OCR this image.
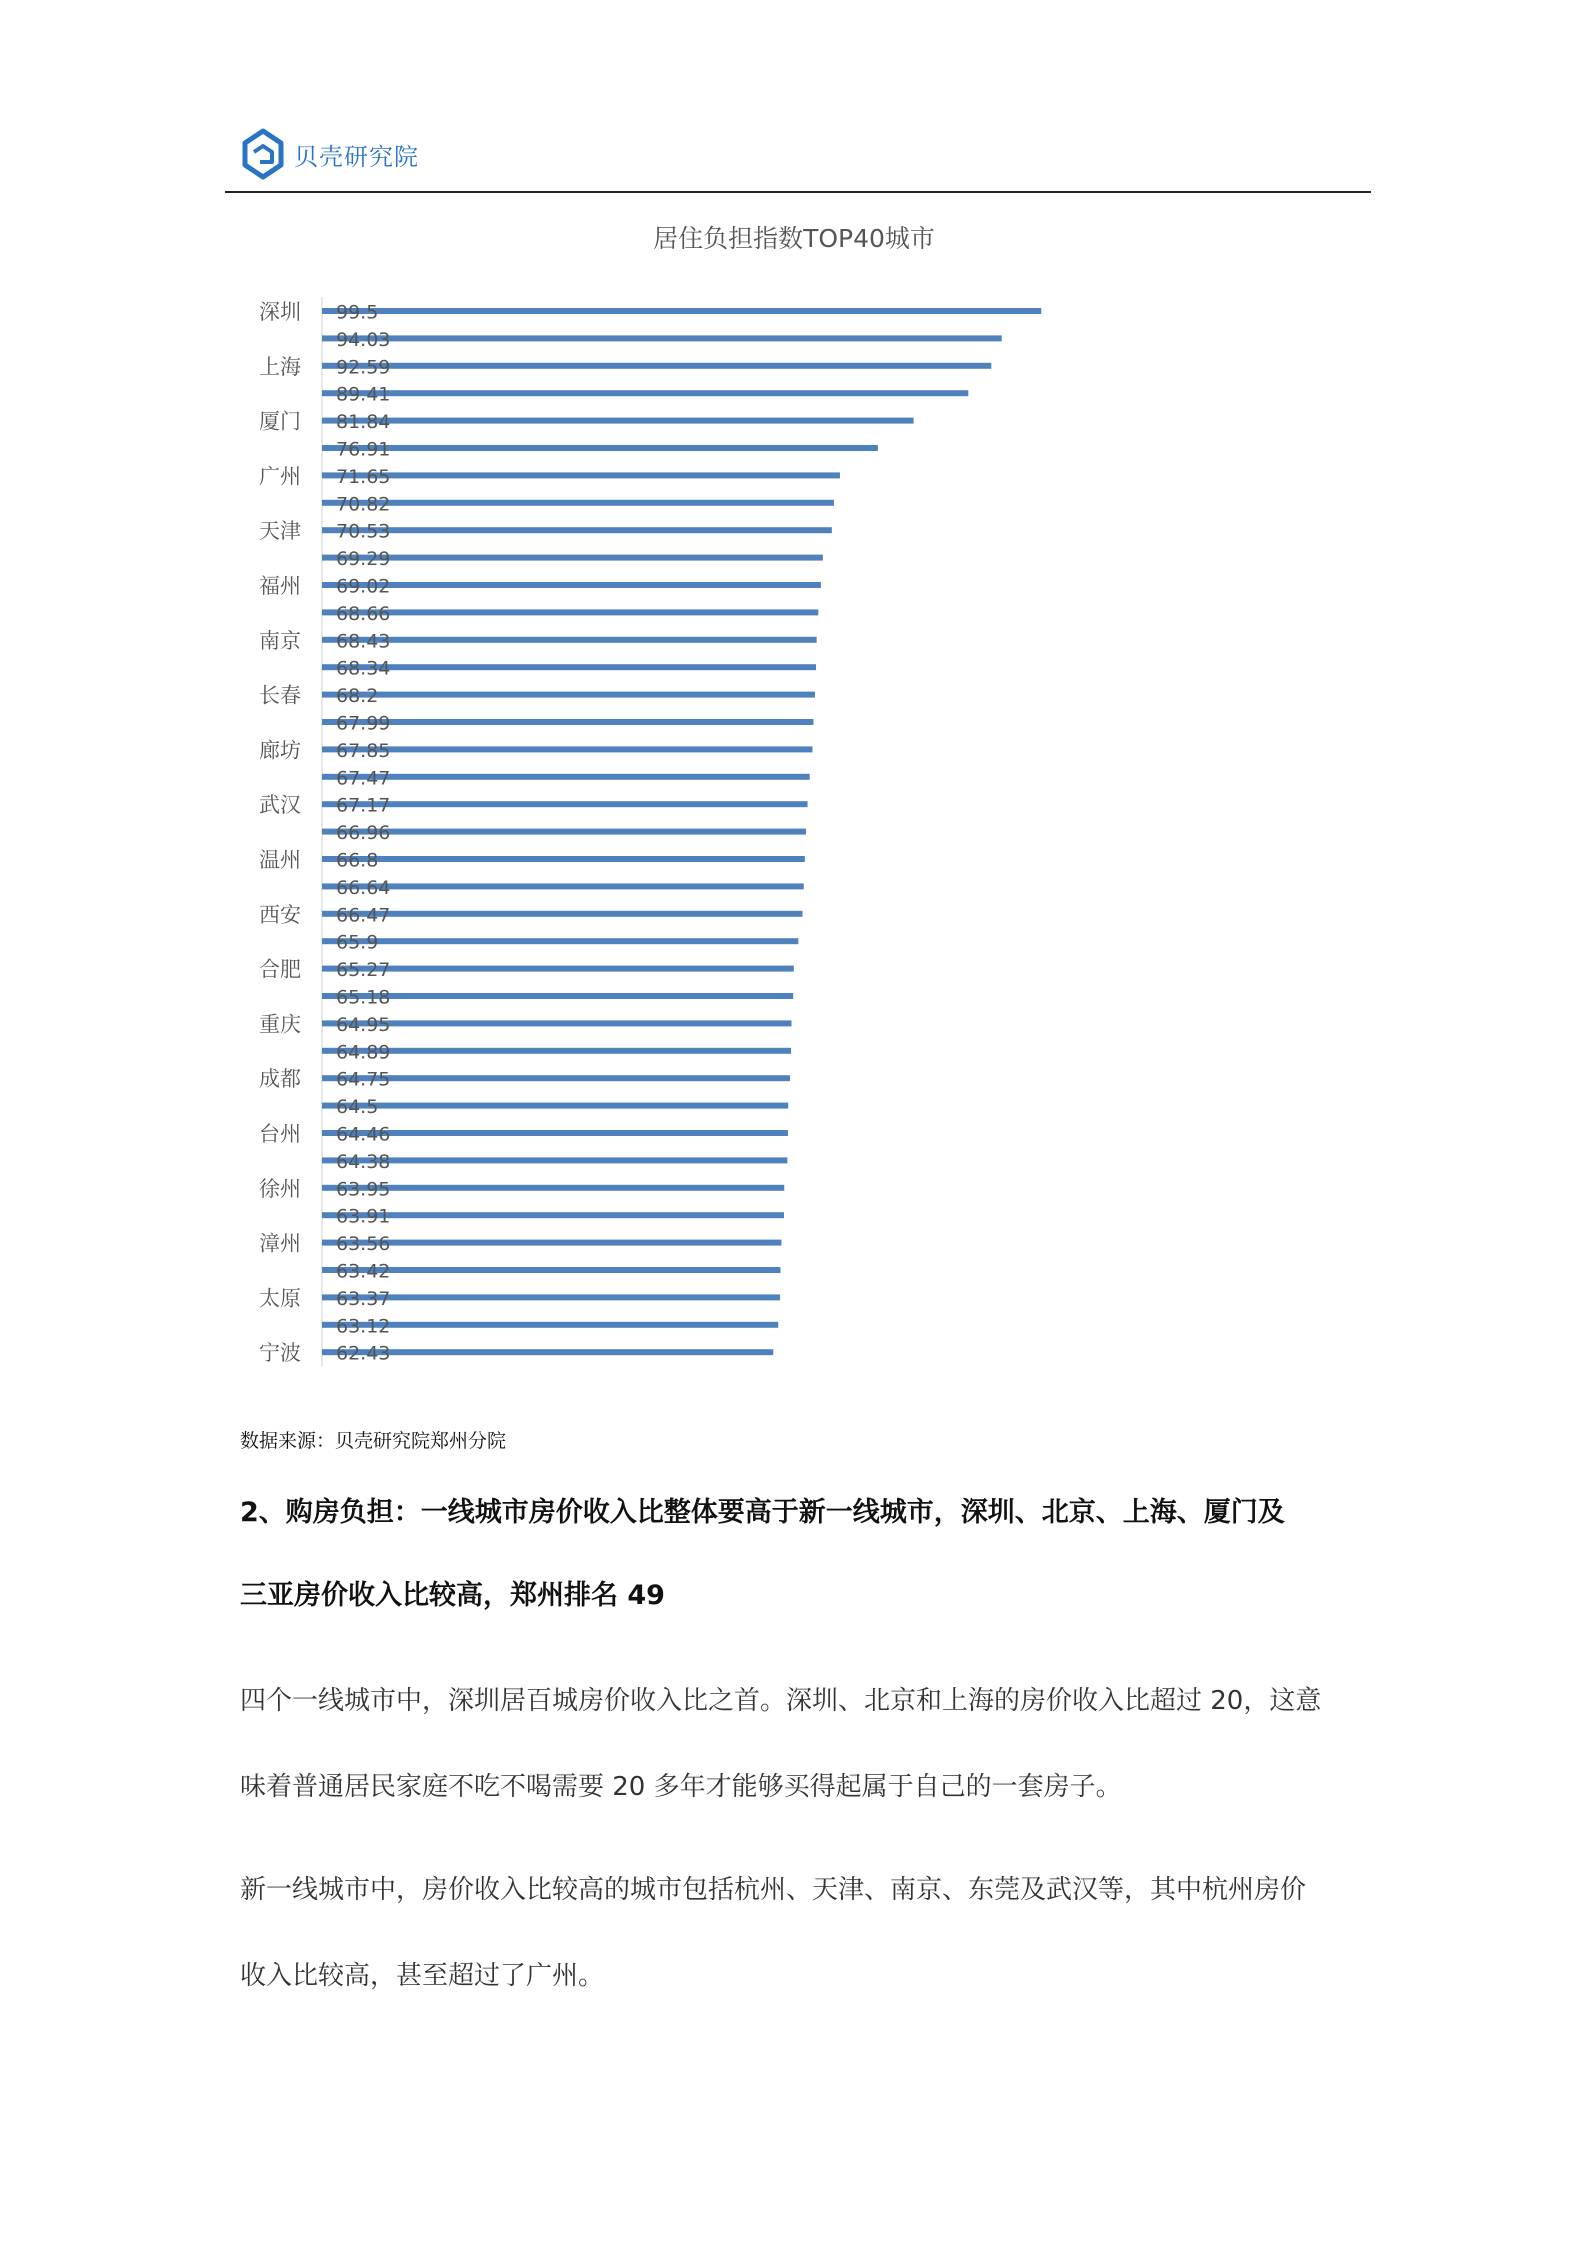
贝壳研究院
居住负担指数TOP40城市
99.5
94.03
92.59
89.41
81.84
76.91
71.65
70.82
70.53
69.29
69.02
68.66
68.43
68.34
68.2
67.99
67.85
67.47
67.17
66.96
66.8
66.64
66.47
65.9
65.27
65.18
64.95
64.89
64.75
64.5
64.46
64.38
63.95
63.91
63.56
63.42
63.37
63.12
62.43
深圳
上海
厦门
广州
天津
福州
南京
长春
廊坊
武汉
温州
西安
合肥
重庆
成都
台州
徐州
漳州
太原
宁波
数据来源：贝壳研究院郑州分院
2、购房负担：一线城市房价收入比整体要高于新一线城市，深圳、北京、上海、厦门及
三亚房价收入比较高，郑州排名 49
四个一线城市中，深圳居百城房价收入比之首。深圳、北京和上海的房价收入比超过 20，这意
味着普通居民家庭不吃不喝需要 20 多年才能够买得起属于自己的一套房子。
新一线城市中，房价收入比较高的城市包括杭州、天津、南京、东莞及武汉等，其中杭州房价
收入比较高，甚至超过了广州。
